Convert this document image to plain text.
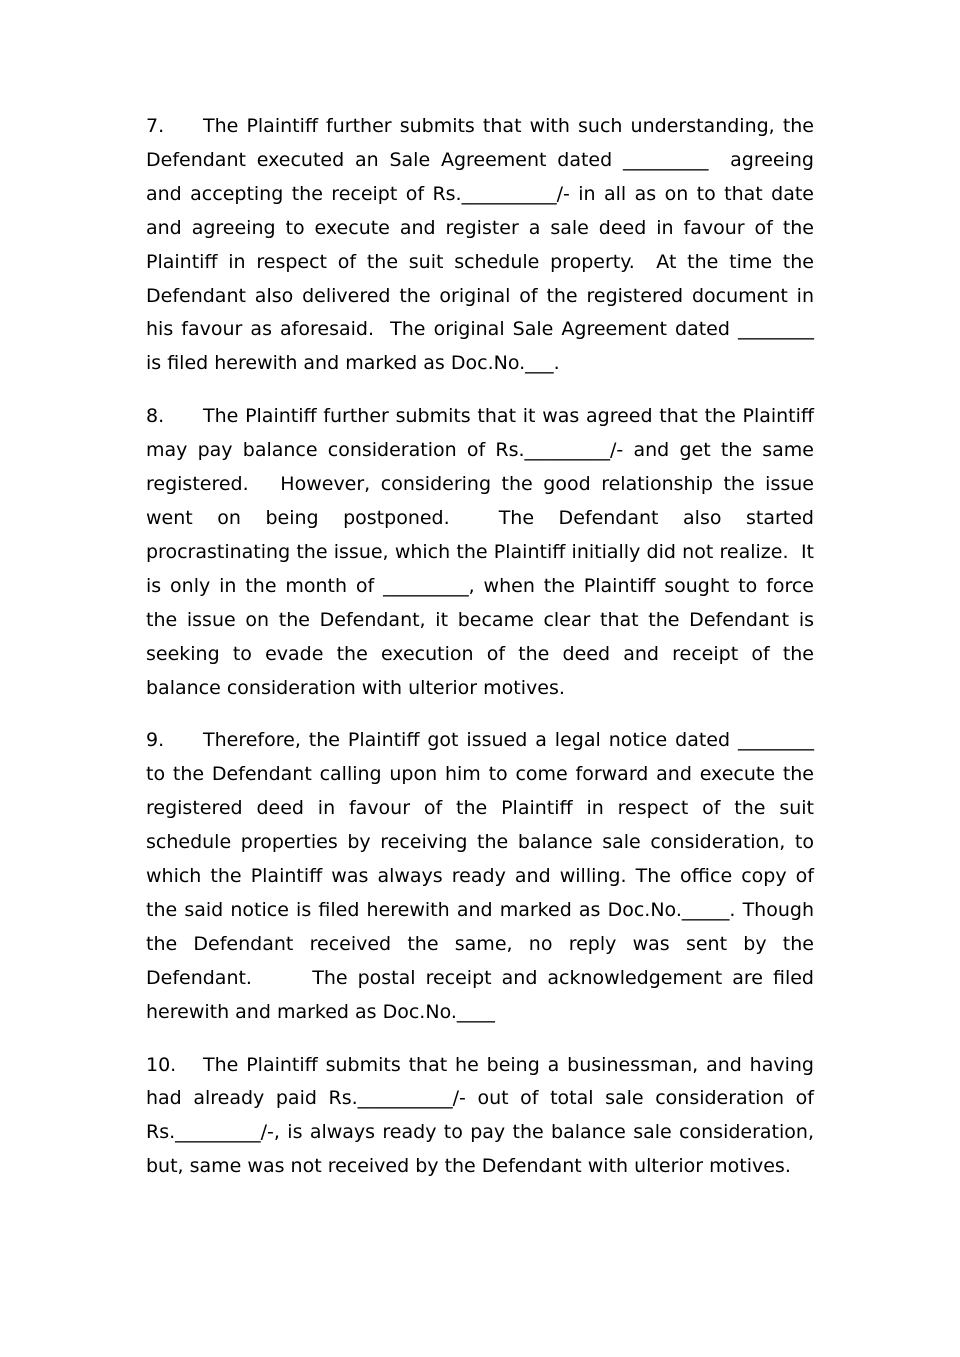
7. The Plaintiff further submits that with such understanding, the Defendant executed an Sale Agreement dated _________  agreeing and accepting the receipt of Rs.__________/- in all as on to that date and agreeing to execute and register a sale deed in favour of the Plaintiff in respect of the suit schedule property.  At the time the Defendant also delivered the original of the registered document in his favour as aforesaid.  The original Sale Agreement dated ________ is filed herewith and marked as Doc.No.___.

8. The Plaintiff further submits that it was agreed that the Plaintiff may pay balance consideration of Rs._________/- and get the same registered.   However, considering the good relationship the issue went on being postponed.  The Defendant also started procrastinating the issue, which the Plaintiff initially did not realize.  It is only in the month of _________, when the Plaintiff sought to force the issue on the Defendant, it became clear that the Defendant is seeking to evade the execution of the deed and receipt of the balance consideration with ulterior motives.

9. Therefore, the Plaintiff got issued a legal notice dated ________ to the Defendant calling upon him to come forward and execute the registered deed in favour of the Plaintiff in respect of the suit schedule properties by receiving the balance sale consideration, to which the Plaintiff was always ready and willing. The office copy of the said notice is filed herewith and marked as Doc.No._____. Though the Defendant received the same, no reply was sent by the Defendant.      The postal receipt and acknowledgement are filed herewith and marked as Doc.No.____

10. The Plaintiff submits that he being a businessman, and having had already paid Rs.__________/- out of total sale consideration of Rs._________/-, is always ready to pay the balance sale consideration, but, same was not received by the Defendant with ulterior motives.
